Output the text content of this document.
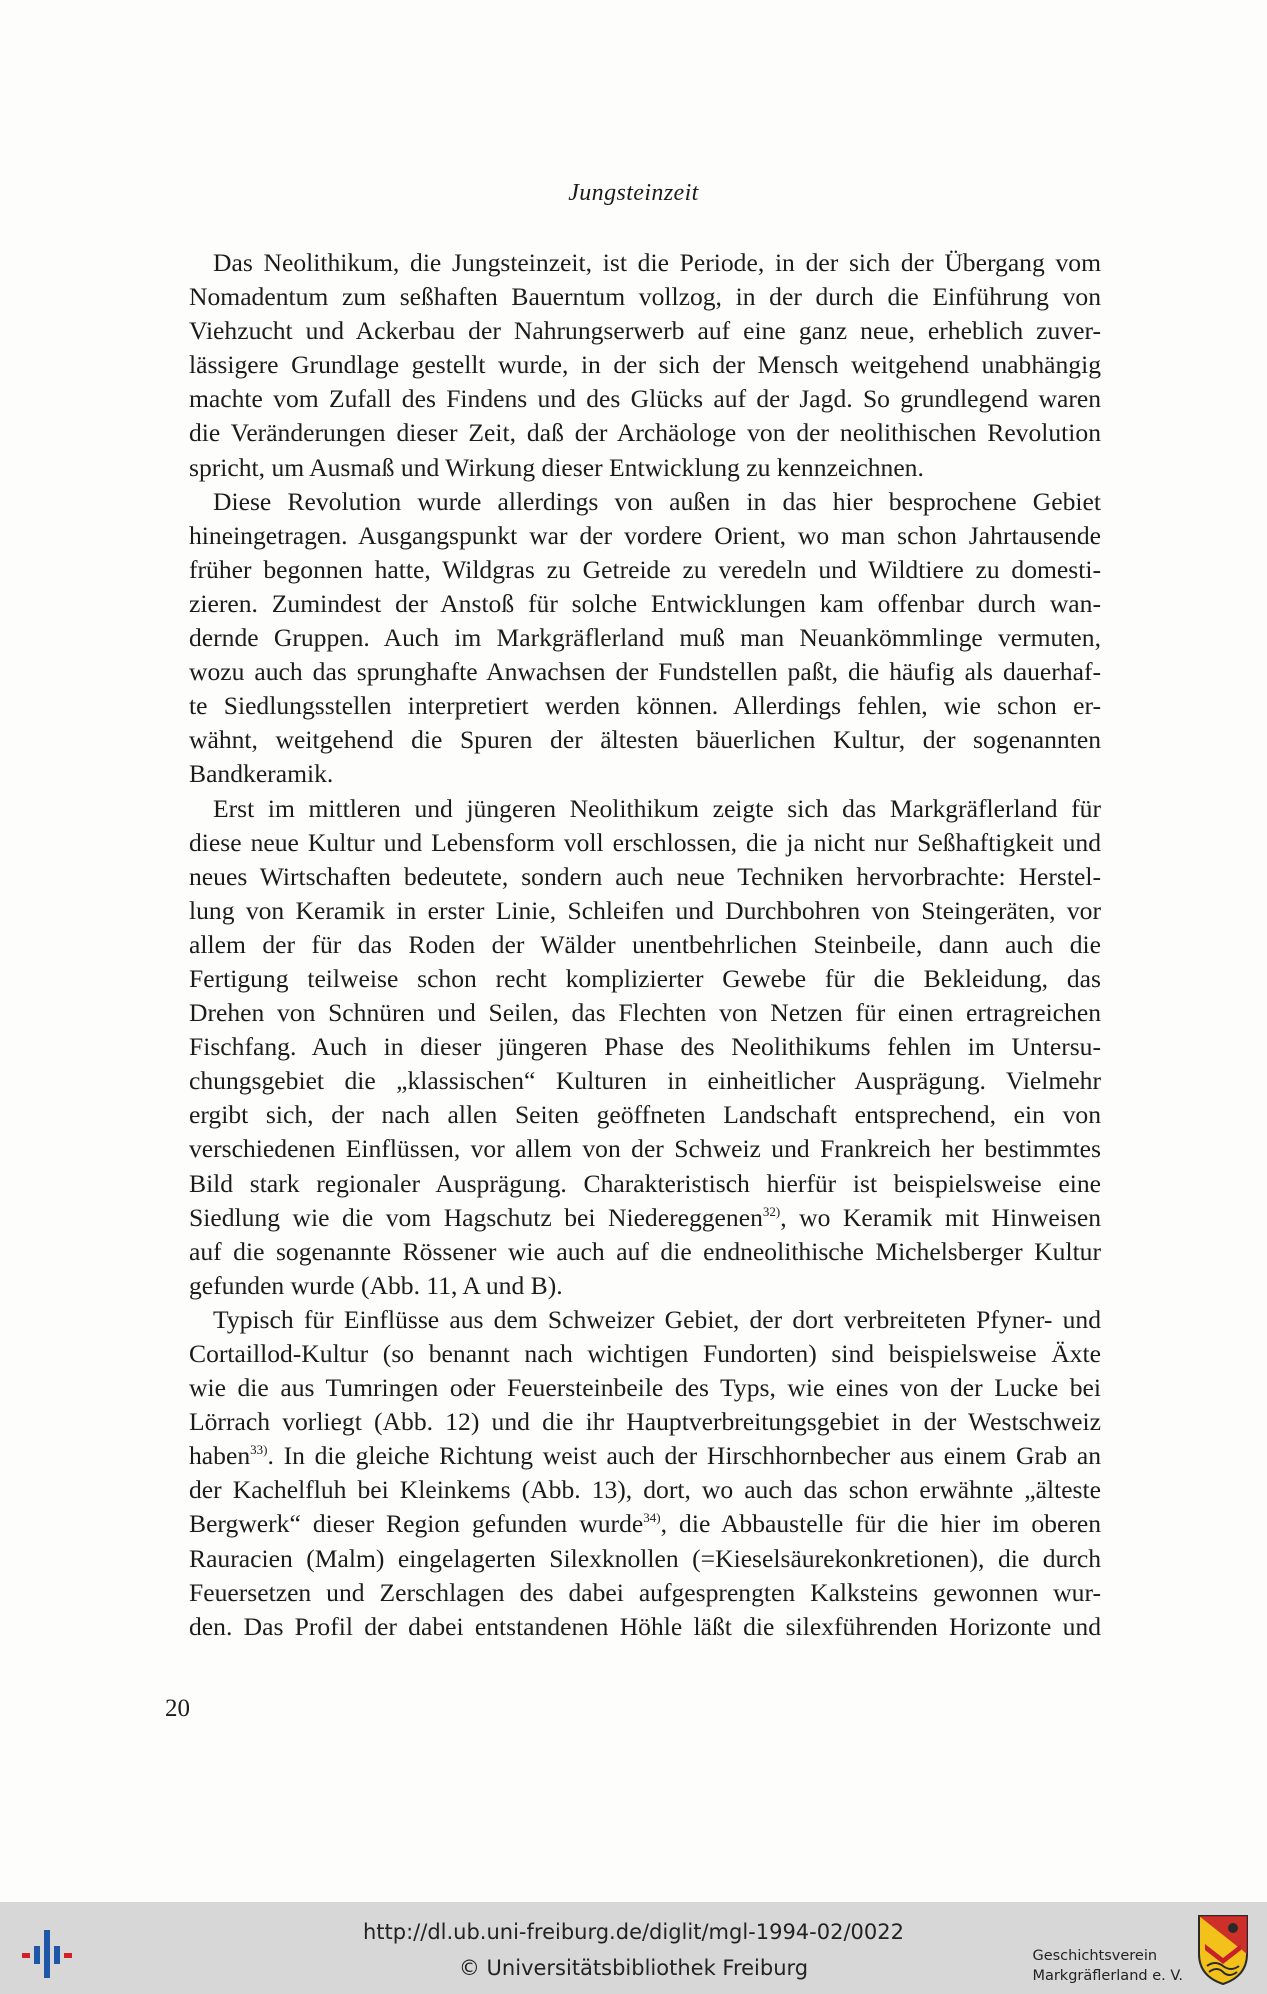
Jungsteinzeit

Das Neolithikum, die Jungsteinzeit, ist die Periode, in der sich der Übergang vom
Nomadentum zum seßhaften Bauerntum vollzog, in der durch die Einführung von
Viehzucht und Ackerbau der Nahrungserwerb auf eine ganz neue, erheblich zuver-
lässigere Grundlage gestellt wurde, in der sich der Mensch weitgehend unabhängig
machte vom Zufall des Findens und des Glücks auf der Jagd. So grundlegend waren
die Veränderungen dieser Zeit, daß der Archäologe von der neolithischen Revolution
spricht, um Ausmaß und Wirkung dieser Entwicklung zu kennzeichnen.

Diese Revolution wurde allerdings von außen in das hier besprochene Gebiet
hineingetragen. Ausgangspunkt war der vordere Orient, wo man schon Jahrtausende
früher begonnen hatte, Wildgras zu Getreide zu veredeln und Wildtiere zu domesti-
zieren. Zumindest der Anstoß für solche Entwicklungen kam offenbar durch wan-
dernde Gruppen. Auch im Markgräflerland muß man Neuankömmlinge vermuten,
wozu auch das sprunghafte Anwachsen der Fundstellen paßt, die häufig als dauerhaf-
te Siedlungsstellen interpretiert werden können. Allerdings fehlen, wie schon er-
wähnt, weitgehend die Spuren der ältesten bäuerlichen Kultur, der sogenannten
Bandkeramik.

Erst im mittleren und jüngeren Neolithikum zeigte sich das Markgräflerland für
diese neue Kultur und Lebensform voll erschlossen, die ja nicht nur Seßhaftigkeit und
neues Wirtschaften bedeutete, sondern auch neue Techniken hervorbrachte: Herstel-
lung von Keramik in erster Linie, Schleifen und Durchbohren von Steingeräten, vor
allem der für das Roden der Wälder unentbehrlichen Steinbeile, dann auch die
Fertigung teilweise schon recht komplizierter Gewebe für die Bekleidung, das
Drehen von Schnüren und Seilen, das Flechten von Netzen für einen ertragreichen
Fischfang. Auch in dieser jüngeren Phase des Neolithikums fehlen im Untersu-
chungsgebiet die „klassischen“ Kulturen in einheitlicher Ausprägung. Vielmehr
ergibt sich, der nach allen Seiten geöffneten Landschaft entsprechend, ein von
verschiedenen Einflüssen, vor allem von der Schweiz und Frankreich her bestimmtes
Bild stark regionaler Ausprägung. Charakteristisch hierfür ist beispielsweise eine
Siedlung wie die vom Hagschutz bei Niedereggenen$^{32)}$, wo Keramik mit Hinweisen
auf die sogenannte Rössener wie auch auf die endneolithische Michelsberger Kultur
gefunden wurde (Abb. 11, A und B).

Typisch für Einflüsse aus dem Schweizer Gebiet, der dort verbreiteten Pfyner- und
Cortaillod-Kultur (so benannt nach wichtigen Fundorten) sind beispielsweise Äxte
wie die aus Tumringen oder Feuersteinbeile des Typs, wie eines von der Lucke bei
Lörrach vorliegt (Abb. 12) und die ihr Hauptverbreitungsgebiet in der Westschweiz
haben$^{33)}$. In die gleiche Richtung weist auch der Hirschhornbecher aus einem Grab an
der Kachelfluh bei Kleinkems (Abb. 13), dort, wo auch das schon erwähnte „älteste
Bergwerk“ dieser Region gefunden wurde$^{34)}$, die Abbaustelle für die hier im oberen
Rauracien (Malm) eingelagerten Silexknollen (=Kieselsäurekonkretionen), die durch
Feuersetzen und Zerschlagen des dabei aufgesprengten Kalksteins gewonnen wur-
den. Das Profil der dabei entstandenen Höhle läßt die silexführenden Horizonte und

20
http://dl.ub.uni-freiburg.de/diglit/mgl-1994-02/0022
© Universitätsbibliothek Freiburg	Geschichtsverein
Markgräflerland e. V.
